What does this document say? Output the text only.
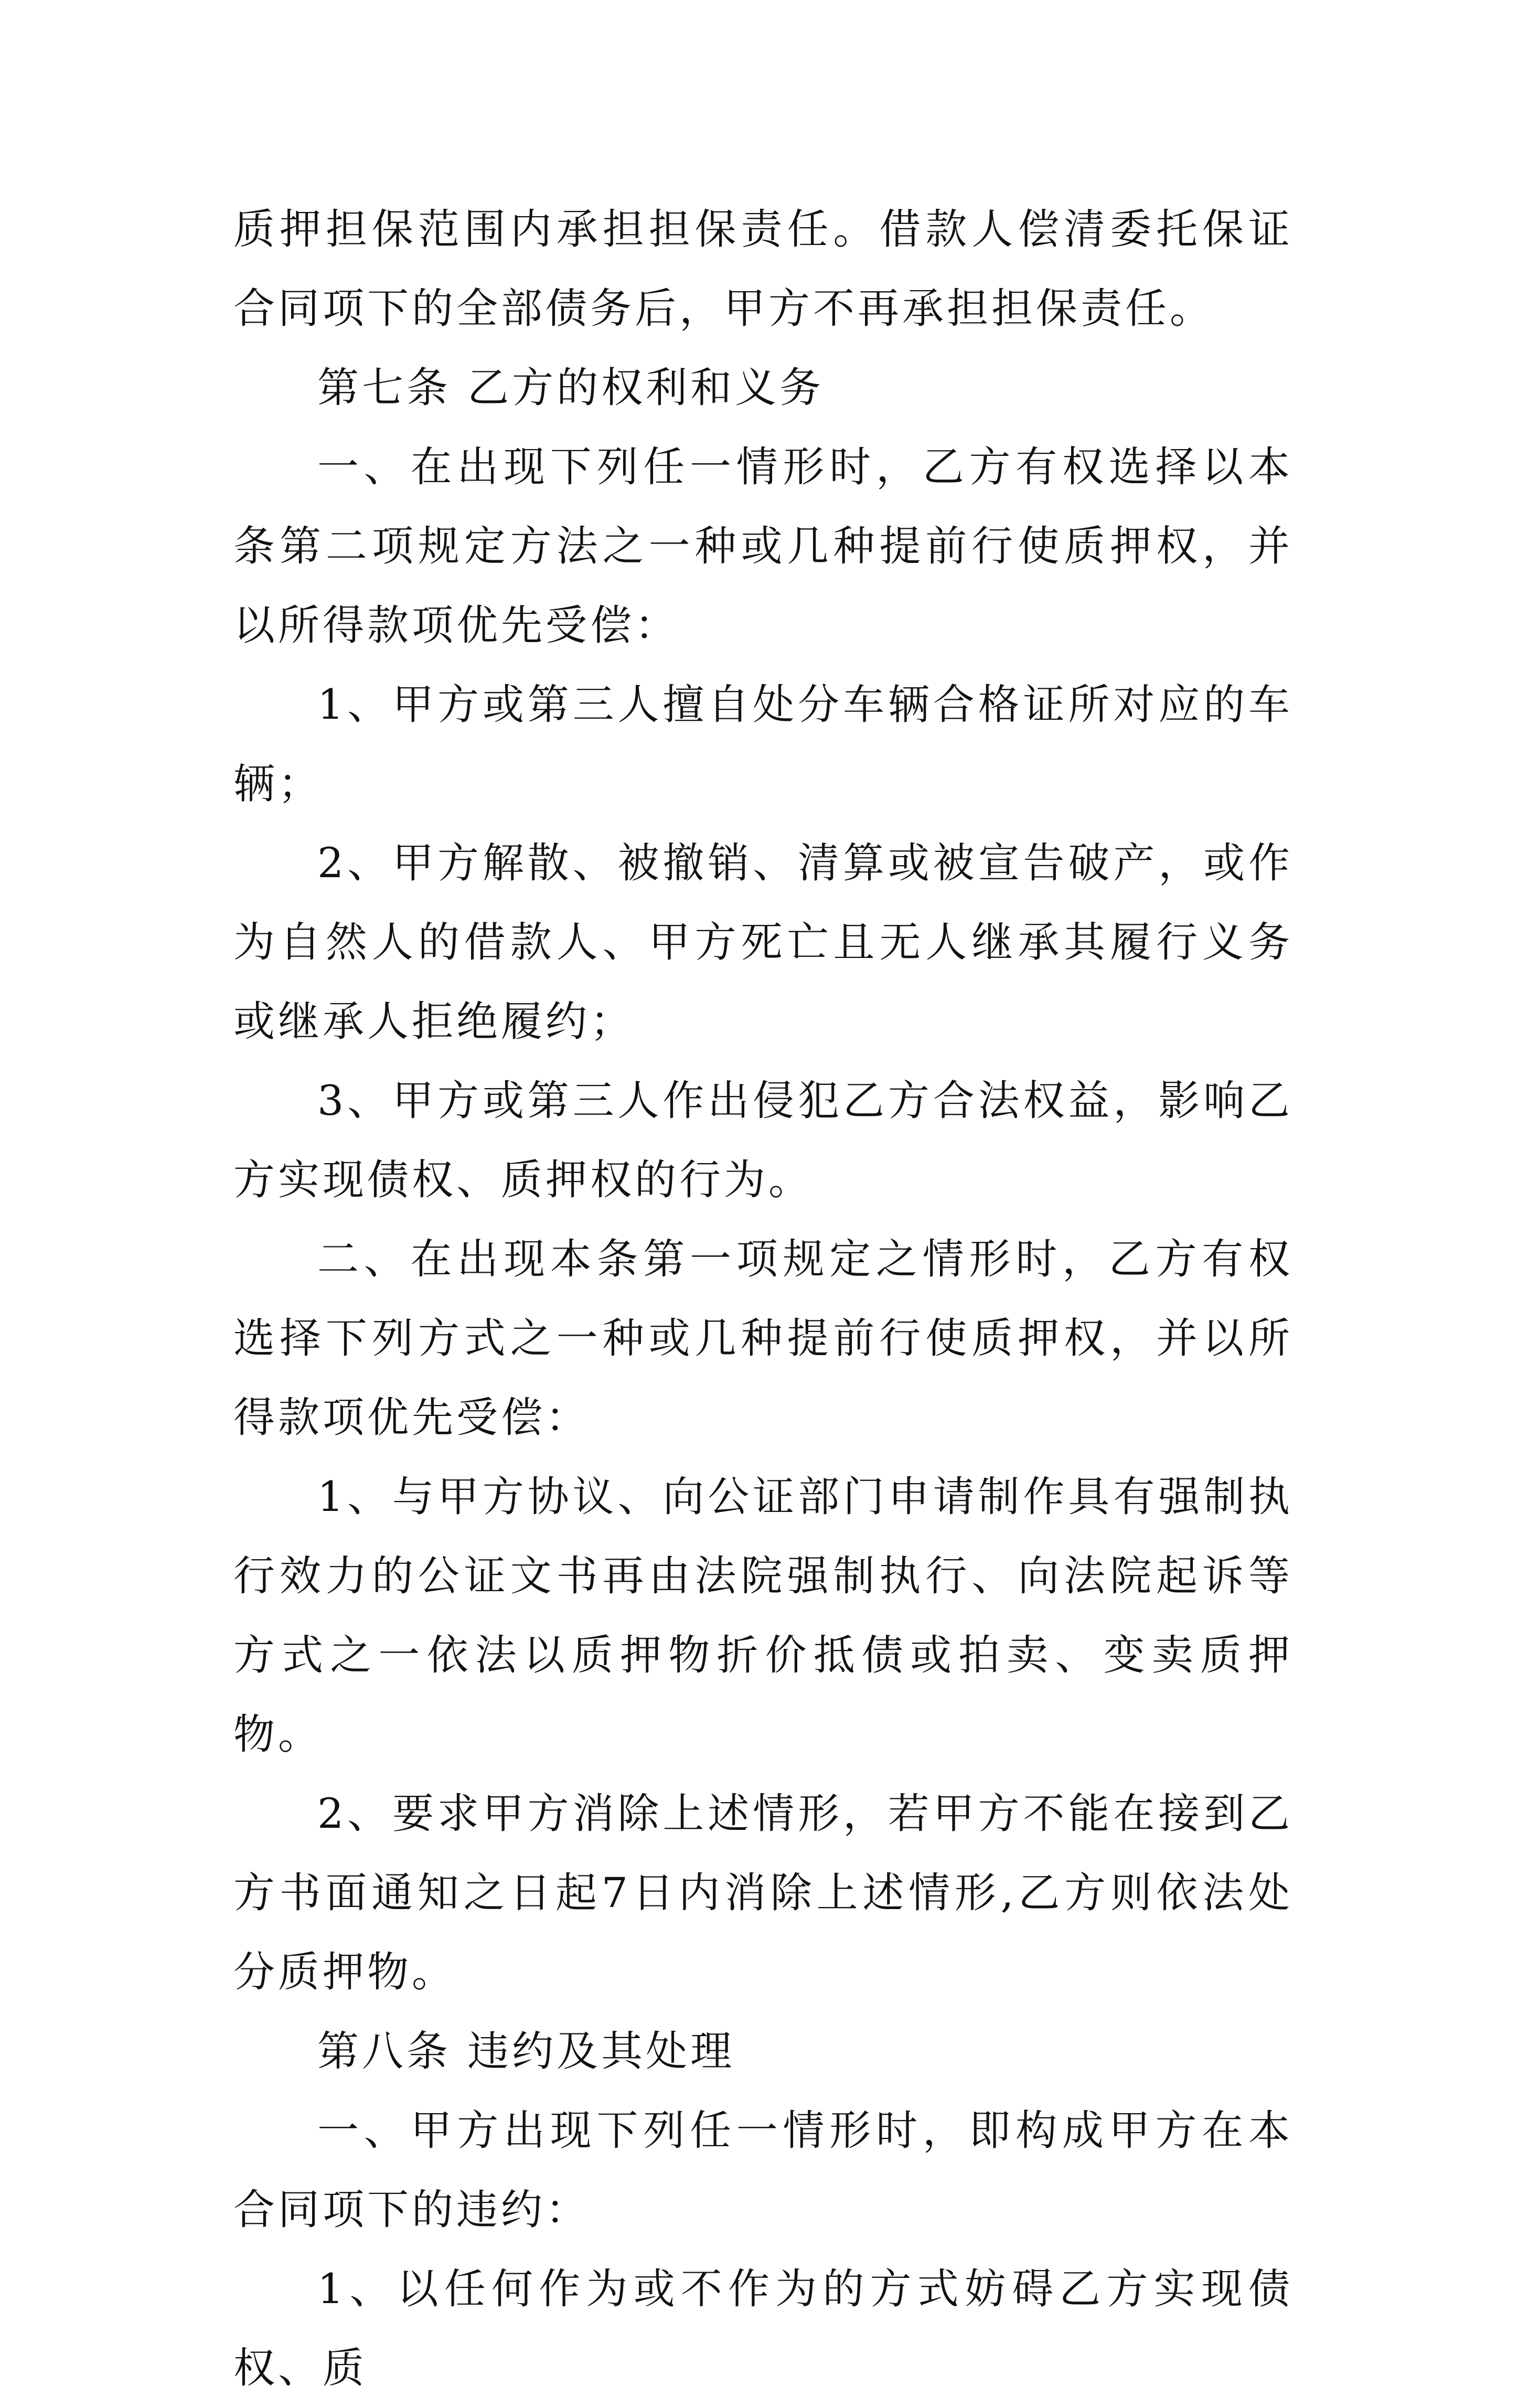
质押担保范围内承担担保责任。借款人偿清委托保证合同项下的全部债务后，甲方不再承担担保责任。

第七条 乙方的权利和义务

一、在出现下列任一情形时，乙方有权选择以本条第二项规定方法之一种或几种提前行使质押权，并以所得款项优先受偿：

1、甲方或第三人擅自处分车辆合格证所对应的车辆；

2、甲方解散、被撤销、清算或被宣告破产，或作为自然人的借款人、甲方死亡且无人继承其履行义务或继承人拒绝履约；

3、甲方或第三人作出侵犯乙方合法权益，影响乙方实现债权、质押权的行为。

二、在出现本条第一项规定之情形时，乙方有权选择下列方式之一种或几种提前行使质押权，并以所得款项优先受偿：

1、与甲方协议、向公证部门申请制作具有强制执行效力的公证文书再由法院强制执行、向法院起诉等方式之一依法以质押物折价抵债或拍卖、变卖质押物。

2、要求甲方消除上述情形，若甲方不能在接到乙方书面通知之日起7日内消除上述情形,乙方则依法处分质押物。

第八条 违约及其处理

一、甲方出现下列任一情形时，即构成甲方在本合同项下的违约：

1、以任何作为或不作为的方式妨碍乙方实现债权、质
